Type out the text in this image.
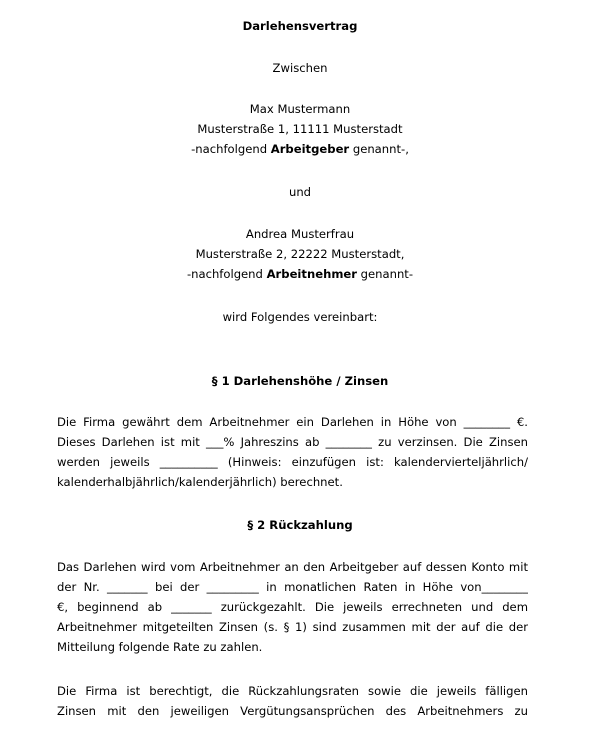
Darlehensvertrag
Zwischen
Max Mustermann
Musterstraße 1, 11111 Musterstadt
-nachfolgend Arbeitgeber genannt-,
und
Andrea Musterfrau
Musterstraße 2, 22222 Musterstadt,
-nachfolgend Arbeitnehmer genannt-
wird Folgendes vereinbart:
§ 1 Darlehenshöhe / Zinsen
Die Firma gewährt dem Arbeitnehmer ein Darlehen in Höhe von ________ €.
Dieses Darlehen ist mit ___% Jahreszins ab ________ zu verzinsen. Die Zinsen
werden jeweils __________ (Hinweis: einzufügen ist: kalendervierteljährlich/
kalenderhalbjährlich/kalenderjährlich) berechnet.
§ 2 Rückzahlung
Das Darlehen wird vom Arbeitnehmer an den Arbeitgeber auf dessen Konto mit
der Nr. _______ bei der _________ in monatlichen Raten in Höhe von________
€, beginnend ab _______ zurückgezahlt. Die jeweils errechneten und dem
Arbeitnehmer mitgeteilten Zinsen (s. § 1) sind zusammen mit der auf die der
Mitteilung folgende Rate zu zahlen.
Die Firma ist berechtigt, die Rückzahlungsraten sowie die jeweils fälligen
Zinsen mit den jeweiligen Vergütungsansprüchen des Arbeitnehmers zu
